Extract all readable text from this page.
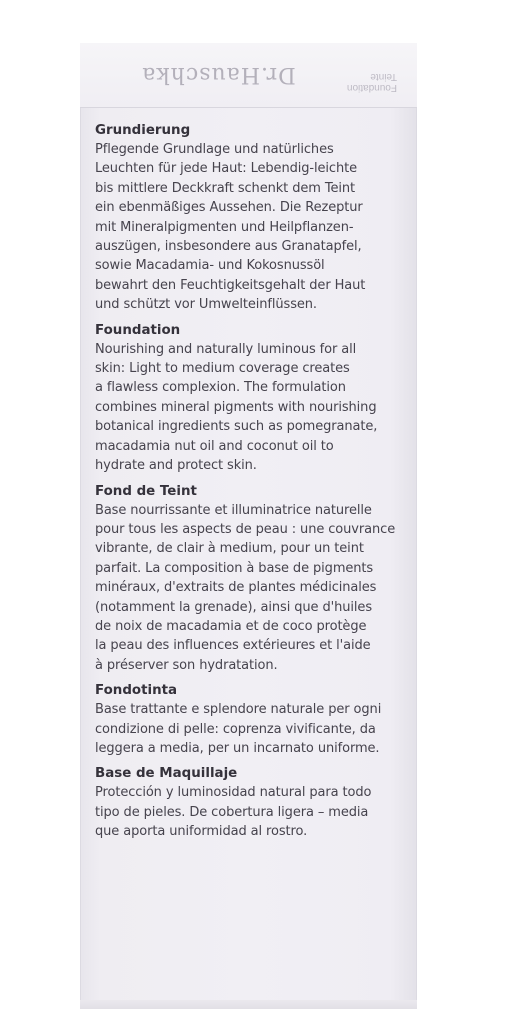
Foundation
Teinte
Dr.Hauschka
Grundierung
Pflegende Grundlage und natürliches
Leuchten für jede Haut: Lebendig-leichte
bis mittlere Deckkraft schenkt dem Teint
ein ebenmäßiges Aussehen. Die Rezeptur
mit Mineralpigmenten und Heilpflanzen-
auszügen, insbesondere aus Granatapfel,
sowie Macadamia- und Kokosnussöl
bewahrt den Feuchtigkeitsgehalt der Haut
und schützt vor Umwelteinflüssen.
Foundation
Nourishing and naturally luminous for all
skin: Light to medium coverage creates
a flawless complexion. The formulation
combines mineral pigments with nourishing
botanical ingredients such as pomegranate,
macadamia nut oil and coconut oil to
hydrate and protect skin.
Fond de Teint
Base nourrissante et illuminatrice naturelle
pour tous les aspects de peau : une couvrance
vibrante, de clair à medium, pour un teint
parfait. La composition à base de pigments
minéraux, d'extraits de plantes médicinales
(notamment la grenade), ainsi que d'huiles
de noix de macadamia et de coco protège
la peau des influences extérieures et l'aide
à préserver son hydratation.
Fondotinta
Base trattante e splendore naturale per ogni
condizione di pelle: coprenza vivificante, da
leggera a media, per un incarnato uniforme.
Base de Maquillaje
Protección y luminosidad natural para todo
tipo de pieles. De cobertura ligera – media
que aporta uniformidad al rostro.
